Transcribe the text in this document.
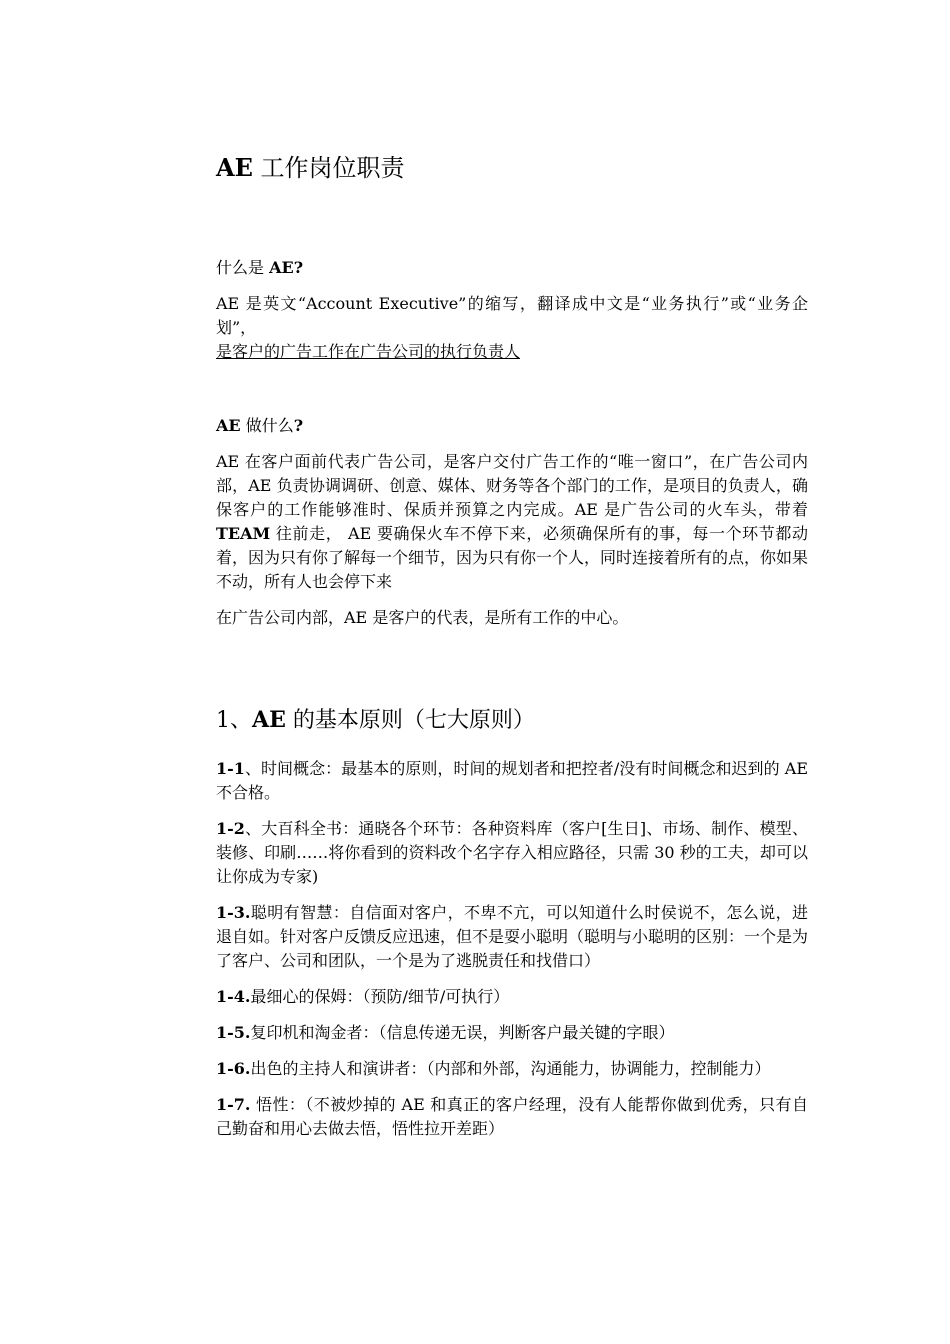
AE 工作岗位职责
什么是 AE?

AE 是英文“Account Executive”的缩写，翻译成中文是“业务执行”或“业务企划”，
是客户的广告工作在广告公司的执行负责人

AE 做什么?

AE 在客户面前代表广告公司，是客户交付广告工作的“唯一窗口”，在广告公司内部，AE 负责协调调研、创意、媒体、财务等各个部门的工作，是项目的负责人，确保客户的工作能够准时、保质并预算之内完成。AE 是广告公司的火车头，带着 TEAM 往前走， AE 要确保火车不停下来，必须确保所有的事，每一个环节都动着，因为只有你了解每一个细节，因为只有你一个人，同时连接着所有的点，你如果不动，所有人也会停下来

在广告公司内部，AE 是客户的代表，是所有工作的中心。

1、AE 的基本原则（七大原则）

1-1、时间概念：最基本的原则，时间的规划者和把控者/没有时间概念和迟到的 AE 不合格。

1-2、大百科全书：通晓各个环节：各种资料库（客户[生日]、市场、制作、模型、装修、印刷……将你看到的资料改个名字存入相应路径，只需 30 秒的工夫，却可以让你成为专家)

1-3.聪明有智慧：自信面对客户，不卑不亢，可以知道什么时侯说不，怎么说，进退自如。针对客户反馈反应迅速，但不是耍小聪明（聪明与小聪明的区别：一个是为了客户、公司和团队，一个是为了逃脱责任和找借口）

1-4.最细心的保姆：（预防/细节/可执行）

1-5.复印机和淘金者：（信息传递无误，判断客户最关键的字眼）

1-6.出色的主持人和演讲者：（内部和外部，沟通能力，协调能力，控制能力）

1-7. 悟性：（不被炒掉的 AE 和真正的客户经理，没有人能帮你做到优秀，只有自己勤奋和用心去做去悟，悟性拉开差距）
